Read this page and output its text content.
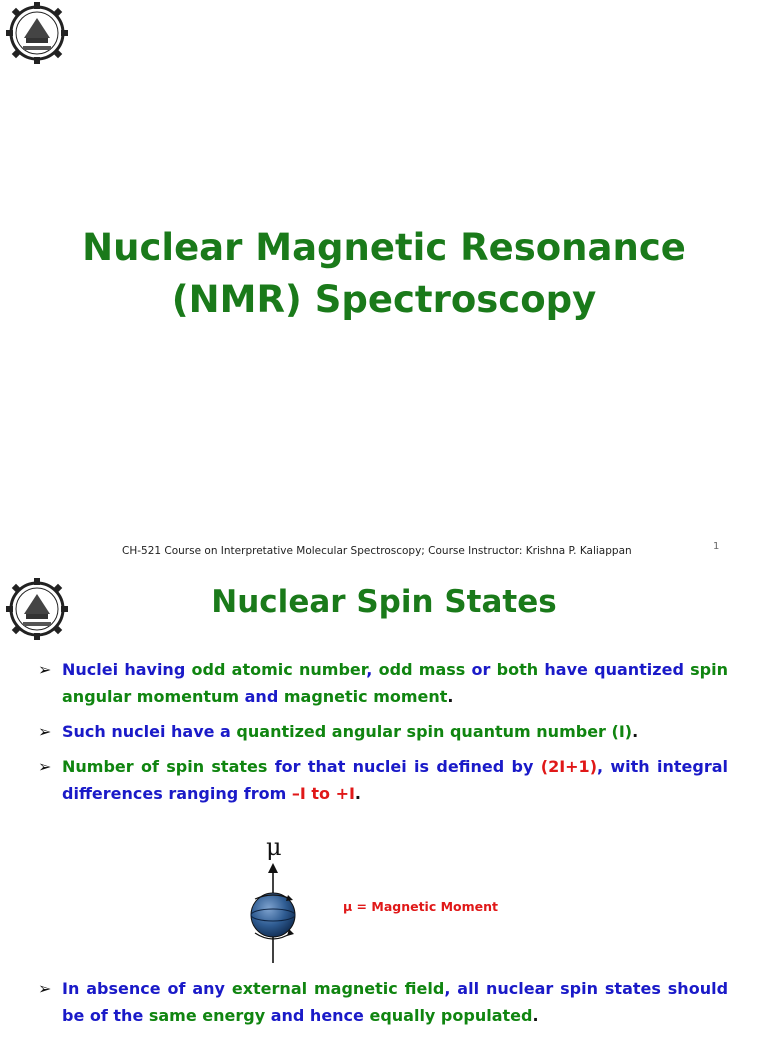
Nuclear Magnetic Resonance
(NMR) Spectroscopy
CH-521 Course on Interpretative Molecular Spectroscopy; Course Instructor: Krishna P. Kaliappan	1
Nuclear Spin States
➢ Nuclei having odd atomic number, odd mass or both have quantized spin angular momentum and magnetic moment.
➢ Such nuclei have a quantized angular spin quantum number (I).
➢ Number of spin states for that nuclei is defined by (2I+1), with integral differences ranging from –I to +I.
μ
μ = Magnetic Moment
➢ In absence of any external magnetic field, all nuclear spin states should be of the same energy and hence equally populated.
